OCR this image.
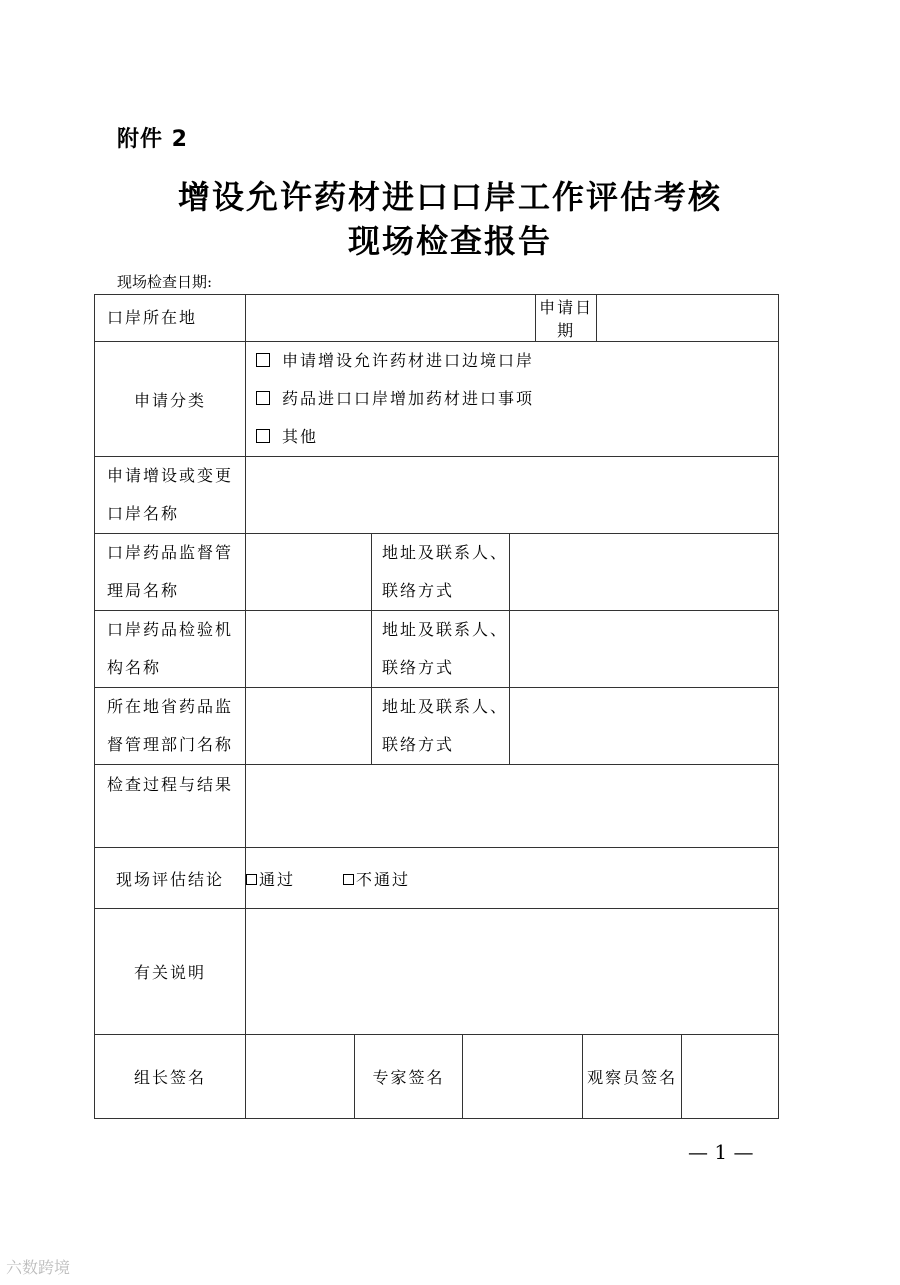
附件 2
增设允许药材进口口岸工作评估考核
现场检查报告
现场检查日期:
口岸所在地						申请日期			
申请分类	申请增设允许药材进口边境口岸
药品进口口岸增加药材进口事项
其他								

申请增设或变更
口岸名称									
口岸药品监督管
理局名称			地址及联系人、
联络方式						
口岸药品检验机
构名称			地址及联系人、
联络方式						
所在地省药品监
督管理部门名称			地址及联系人、
联络方式						
检查过程与结果									
现场评估结论	通过 不通过								
有关说明									
组长签名		专家签名					观察员签名		
— 1 —
六数跨境
